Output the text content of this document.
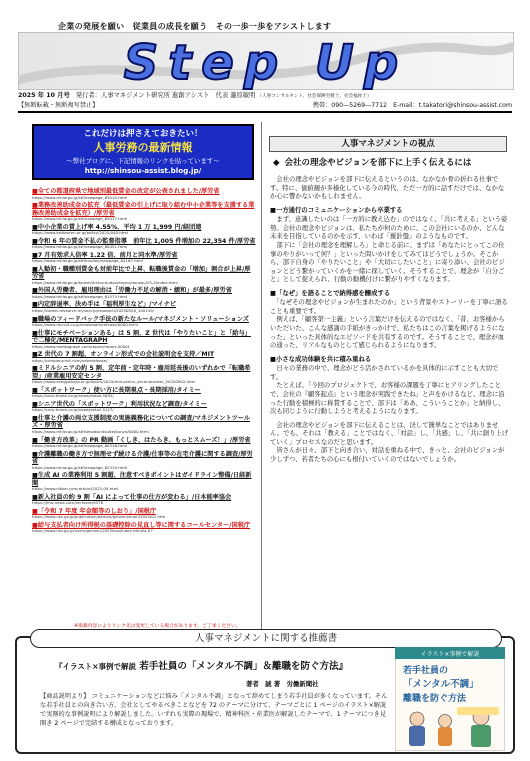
企業の発展を願い　従業員の成長を願う　その一歩一歩をアシストします
Step Up
2025 年 10 月号 発行者：人事マネジメント研究所 進創アシスト　代表 瀧原敏明 （人事コンサルタント、社会保険労務士、社会福祉士）
【無断転載・無断複写禁止】	携帯：090—5269—7712　E-mail：t.takatori@shinsou-assist.com
これだけは押さえておきたい！
人事労務の最新情報
～弊社ブログに、下記情報のリンクを貼っています～
http://shinsou-assist.blog.jp/
■全ての都道府県で地域別最低賃金の改定が公表されました/厚労省
https://www.mhlw.go.jp/stf/newpage_63010.html
■業務改善助成金の拡充（最低賃金の引上げに取り組む中小企業等を支援する業務改善助成金を拡充）/厚労省
https://www.mhlw.go.jp/stf/newpage_63017.html
■中小企業の賃上げ率 4.55%、平均 1 万 1,999 円/経団連
https://www.keidanren.or.jp/policy/2025/040.html
■令和 6 年の賃金不払の監督指導　前年比 1,005 件増加の 22,354 件/厚労省
https://www.mhlw.go.jp/stf/newpage_60451.html
■7 月有効求人倍率 1.22 倍、前月と同水準/厚労省
https://www.mhlw.go.jp/stf/houdou/newpage_62167.html
■人勧初・職種別賃金も対前年比で上昇、転職後賃金の「増加」割合が上昇/厚労省
https://www.mhlw.go.jp/toukei/itiran/roudou/koyou/doukou/25-2/index.html
■外国人労働者、雇用理由は「労働力不足の解消・緩和」が最多/厚労省
https://www.mhlw.go.jp/stf/newpage_61574.html
■内定辞退率、決め手は「福利厚生など」/マイナビ
https://career-research.mynavi.jp/research/20250926_100149/
■職場のフィードバック手法の新たなルール/マネジメント・ソリューションズ
https://www.recruit.co.jp/newsroom/release/0000.html
■仕事にモチベーションある」は 5 割、Z 世代は「やりたいこと」と「給与」で二極化/MENTAGRAPH
https://www.mentagraph.com/report/report-00001
■Z 世代の 7 割超、オンライン形式での会社説明会を支持／MIT
https://company.mit.com/newsrelease/
■ミドルシニアの約 5 割、定年前・定年時・雇用延長後のいずれかで「転職希望」/産業雇用安定センタ
https://www.sangyokoyo.or.jp/topics/2025/mid-senior_secondcareer_20250902.html
■「スポットワーク」使い方に長期視点・長期採用/タイミー
https://corp.timee.co.jp/news/detail-5092/
■シニア世代の「スポットワーク」利用状況など調査/タイミー
https://corp.timee.co.jp/news/detail-5127/
■仕事と介護の両立支援制度の実施義務化についての調査/マネジメントツールズ・厚労省
https://www.mhlw.go.jp/stf/seisakunitsuite/bunya/0000.html
■「働き方改革」の PR 動画「くしき、はたらき、もっとスムーズ！」/厚労省
https://www.mhlw.go.jp/stf/newpage_60316.html
■介護離職の働き方で無理せず続ける介護/仕事等の在宅介護に関する調査/厚労省
https://www.mhlw.go.jp/stf/newpage_62319.html
■生成 AI の業務利用 5 割超、注意すべきポイントはガイドライン整備/日経新聞
https://www.nikkei.com/article/2025-09.html
■新入社員の約 9 割「AI によって仕事の仕方が変わる」/日本能率協会
https://jma-news.com/archives/9578
■「令和 7 年度 年金額等のしおり」/国税庁
https://www.nta.go.jp/publication/pamph/gensen/shiori/2025/01.htm
■給与支払者向け所得税の基礎控除の見直し等に関するコールセンター/国税庁
https://www.nta.go.jp/users/gensen/2025kiso/index.htm#a-07
※掲載内容によりリンク先は変更している場合があります。ご了承ください。
人事マネジメントの視点
◆ 会社の理念やビジョンを部下に上手く伝えるには

　会社の理念やビジョンを部下に伝えるというのは、なかなか骨の折れる仕事です。特に、価値観が多様化している今の時代、ただ一方的に話すだけでは、なかなか心に響かないかもしれません。

■一方通行のコミュニケーションから卒業する

　まず、意識したいのは「一方的に教え込む」のではなく、「共に考える」という姿勢。会社の理念やビジョンは、私たちが何のために、この会社にいるのか、どんな未来を目指しているのかを示す、いわば「羅針盤」のようなものです。
　部下に「会社の理念を理解しろ」と命じる前に、まずは「あなたにとってこの仕事のやりがいって何？」といった問いかけをしてみてはどうでしょうか。そこから、部下自身の「やりたいこと」や「大切にしたいこと」に寄り添い、会社のビジョンとどう繋がっていくかを一緒に探していく。そうすることで、理念が「自分ごと」として捉えられ、行動の動機付けに繋がりやすくなります。

■「なぜ」を語ることで納得感を醸成する

　「なぜその理念やビジョンが生まれたのか」という背景やストーリーを丁寧に語ることも重要です。
　例えば、「顧客第一主義」という言葉だけを伝えるのではなく、「昔、お客様からいただいた、こんな感謝の手紙がきっかけで、私たちはこの言葉を掲げるようになった」といった具体的なエピソードを共有するのです。そうすることで、理念が血の通った、リアルなものとして感じられるようになります。

■小さな成功体験を共に積み重ねる

　日々の業務の中で、理念がどう活かされているかを具体的に示すことも大切です。
　たとえば、「今回のプロジェクトで、お客様の課題を丁寧にヒアリングしたことで、会社の『顧客起点』という理念が実践できたね」と声をかけるなど、理念に沿った行動を積極的に称賛することで、部下は「ああ、こういうことか」と納得し、次も同じように行動しようと考えるようになります。

　会社の理念やビジョンを部下に伝えることは、決して簡単なことではありません。でも、それは「教える」ことではなく、「対話」し、「共感」し、「共に創り上げていく」プロセスなのだと思います。
　皆さんが日々、部下と向き合い、対話を重ねる中で、きっと、会社のビジョンが少しずつ、若者たちの心にも根付いていくのではないでしょうか。

人事マネジメントに関する推薦書
『イラスト×事例で解説 若手社員の「メンタル不調」＆離職を防ぐ方法』
著者　誠 著　労働新聞社
【商品説明より】 コミュニケーションなどに悩み「メンタル不調」となって辞めてしまう若手社員が多くなっています。そんな若手社員との向き合い方、会社としてやるべきことなどを 72 のテーマに分けて、テーマごとに 1 ページのイラスト×解説で実務的な事例説明により解説しました。いずれも実際の現場で、精神科医・産業医が解説したテーマで、1 テーマにつき見開き 2 ページで完結する構成となっております。
イラスト×事例で解説
若手社員の
「メンタル不調」
離職を防ぐ方法
